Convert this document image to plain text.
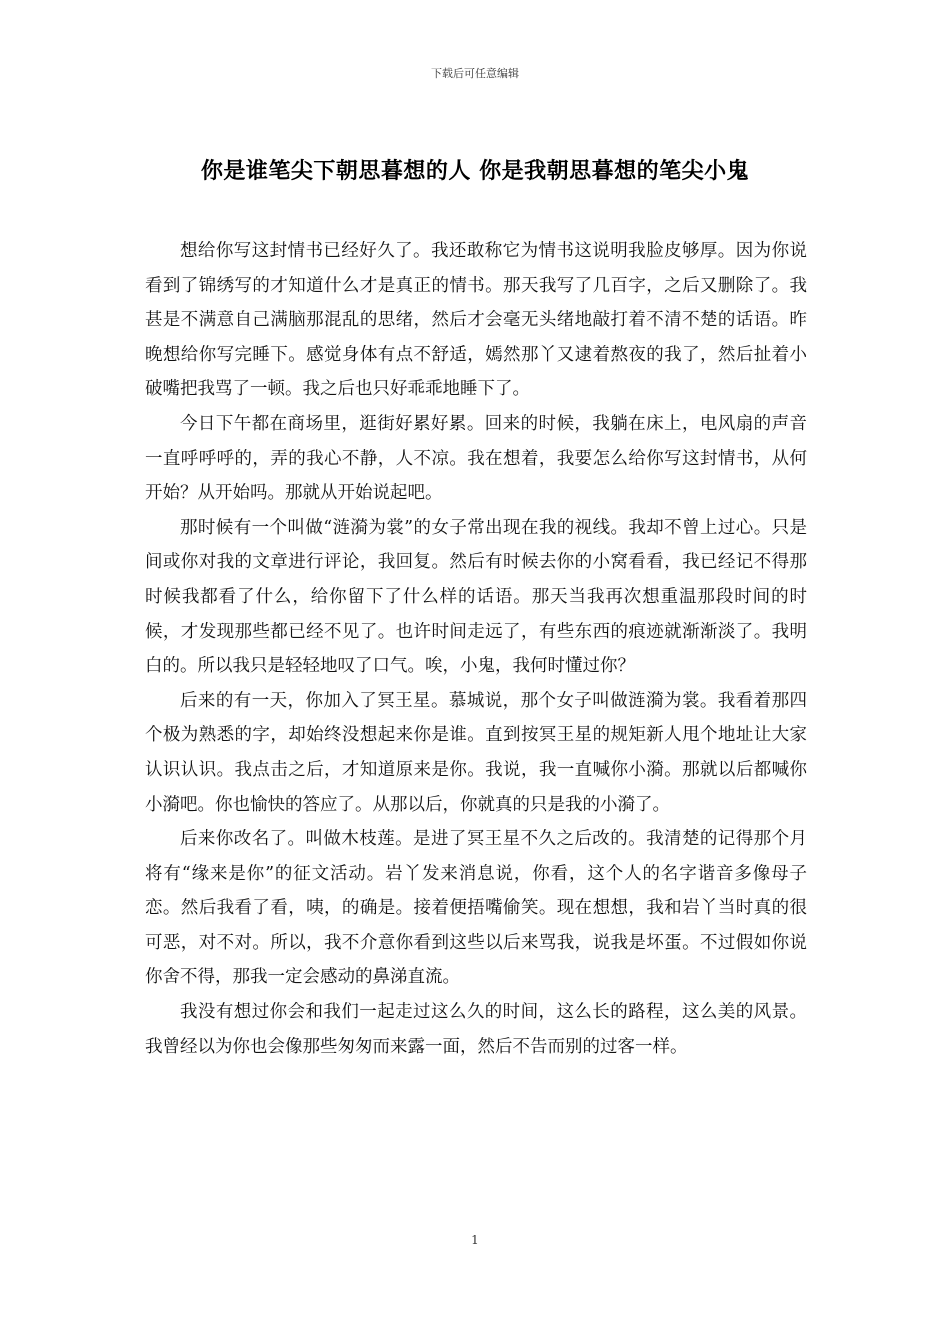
下载后可任意编辑
你是谁笔尖下朝思暮想的人 你是我朝思暮想的笔尖小鬼

想给你写这封情书已经好久了。我还敢称它为情书这说明我脸皮够厚。因为你说看到了锦绣写的才知道什么才是真正的情书。那天我写了几百字，之后又删除了。我甚是不满意自己满脑那混乱的思绪，然后才会毫无头绪地敲打着不清不楚的话语。昨晚想给你写完睡下。感觉身体有点不舒适，嫣然那丫又逮着熬夜的我了，然后扯着小破嘴把我骂了一顿。我之后也只好乖乖地睡下了。

今日下午都在商场里，逛街好累好累。回来的时候，我躺在床上，电风扇的声音一直呼呼呼的，弄的我心不静，人不凉。我在想着，我要怎么给你写这封情书，从何开始？从开始吗。那就从开始说起吧。

那时候有一个叫做“涟漪为裳”的女子常出现在我的视线。我却不曾上过心。只是间或你对我的文章进行评论，我回复。然后有时候去你的小窝看看，我已经记不得那时候我都看了什么，给你留下了什么样的话语。那天当我再次想重温那段时间的时候，才发现那些都已经不见了。也许时间走远了，有些东西的痕迹就渐渐淡了。我明白的。所以我只是轻轻地叹了口气。唉，小鬼，我何时懂过你？

后来的有一天，你加入了冥王星。慕城说，那个女子叫做涟漪为裳。我看着那四个极为熟悉的字，却始终没想起来你是谁。直到按冥王星的规矩新人甩个地址让大家认识认识。我点击之后，才知道原来是你。我说，我一直喊你小漪。那就以后都喊你小漪吧。你也愉快的答应了。从那以后，你就真的只是我的小漪了。

后来你改名了。叫做木枝莲。是进了冥王星不久之后改的。我清楚的记得那个月将有“缘来是你”的征文活动。岩丫发来消息说，你看，这个人的名字谐音多像母子恋。然后我看了看，咦，的确是。接着便捂嘴偷笑。现在想想，我和岩丫当时真的很可恶，对不对。所以，我不介意你看到这些以后来骂我，说我是坏蛋。不过假如你说你舍不得，那我一定会感动的鼻涕直流。

我没有想过你会和我们一起走过这么久的时间，这么长的路程，这么美的风景。我曾经以为你也会像那些匆匆而来露一面，然后不告而别的过客一样。

1
